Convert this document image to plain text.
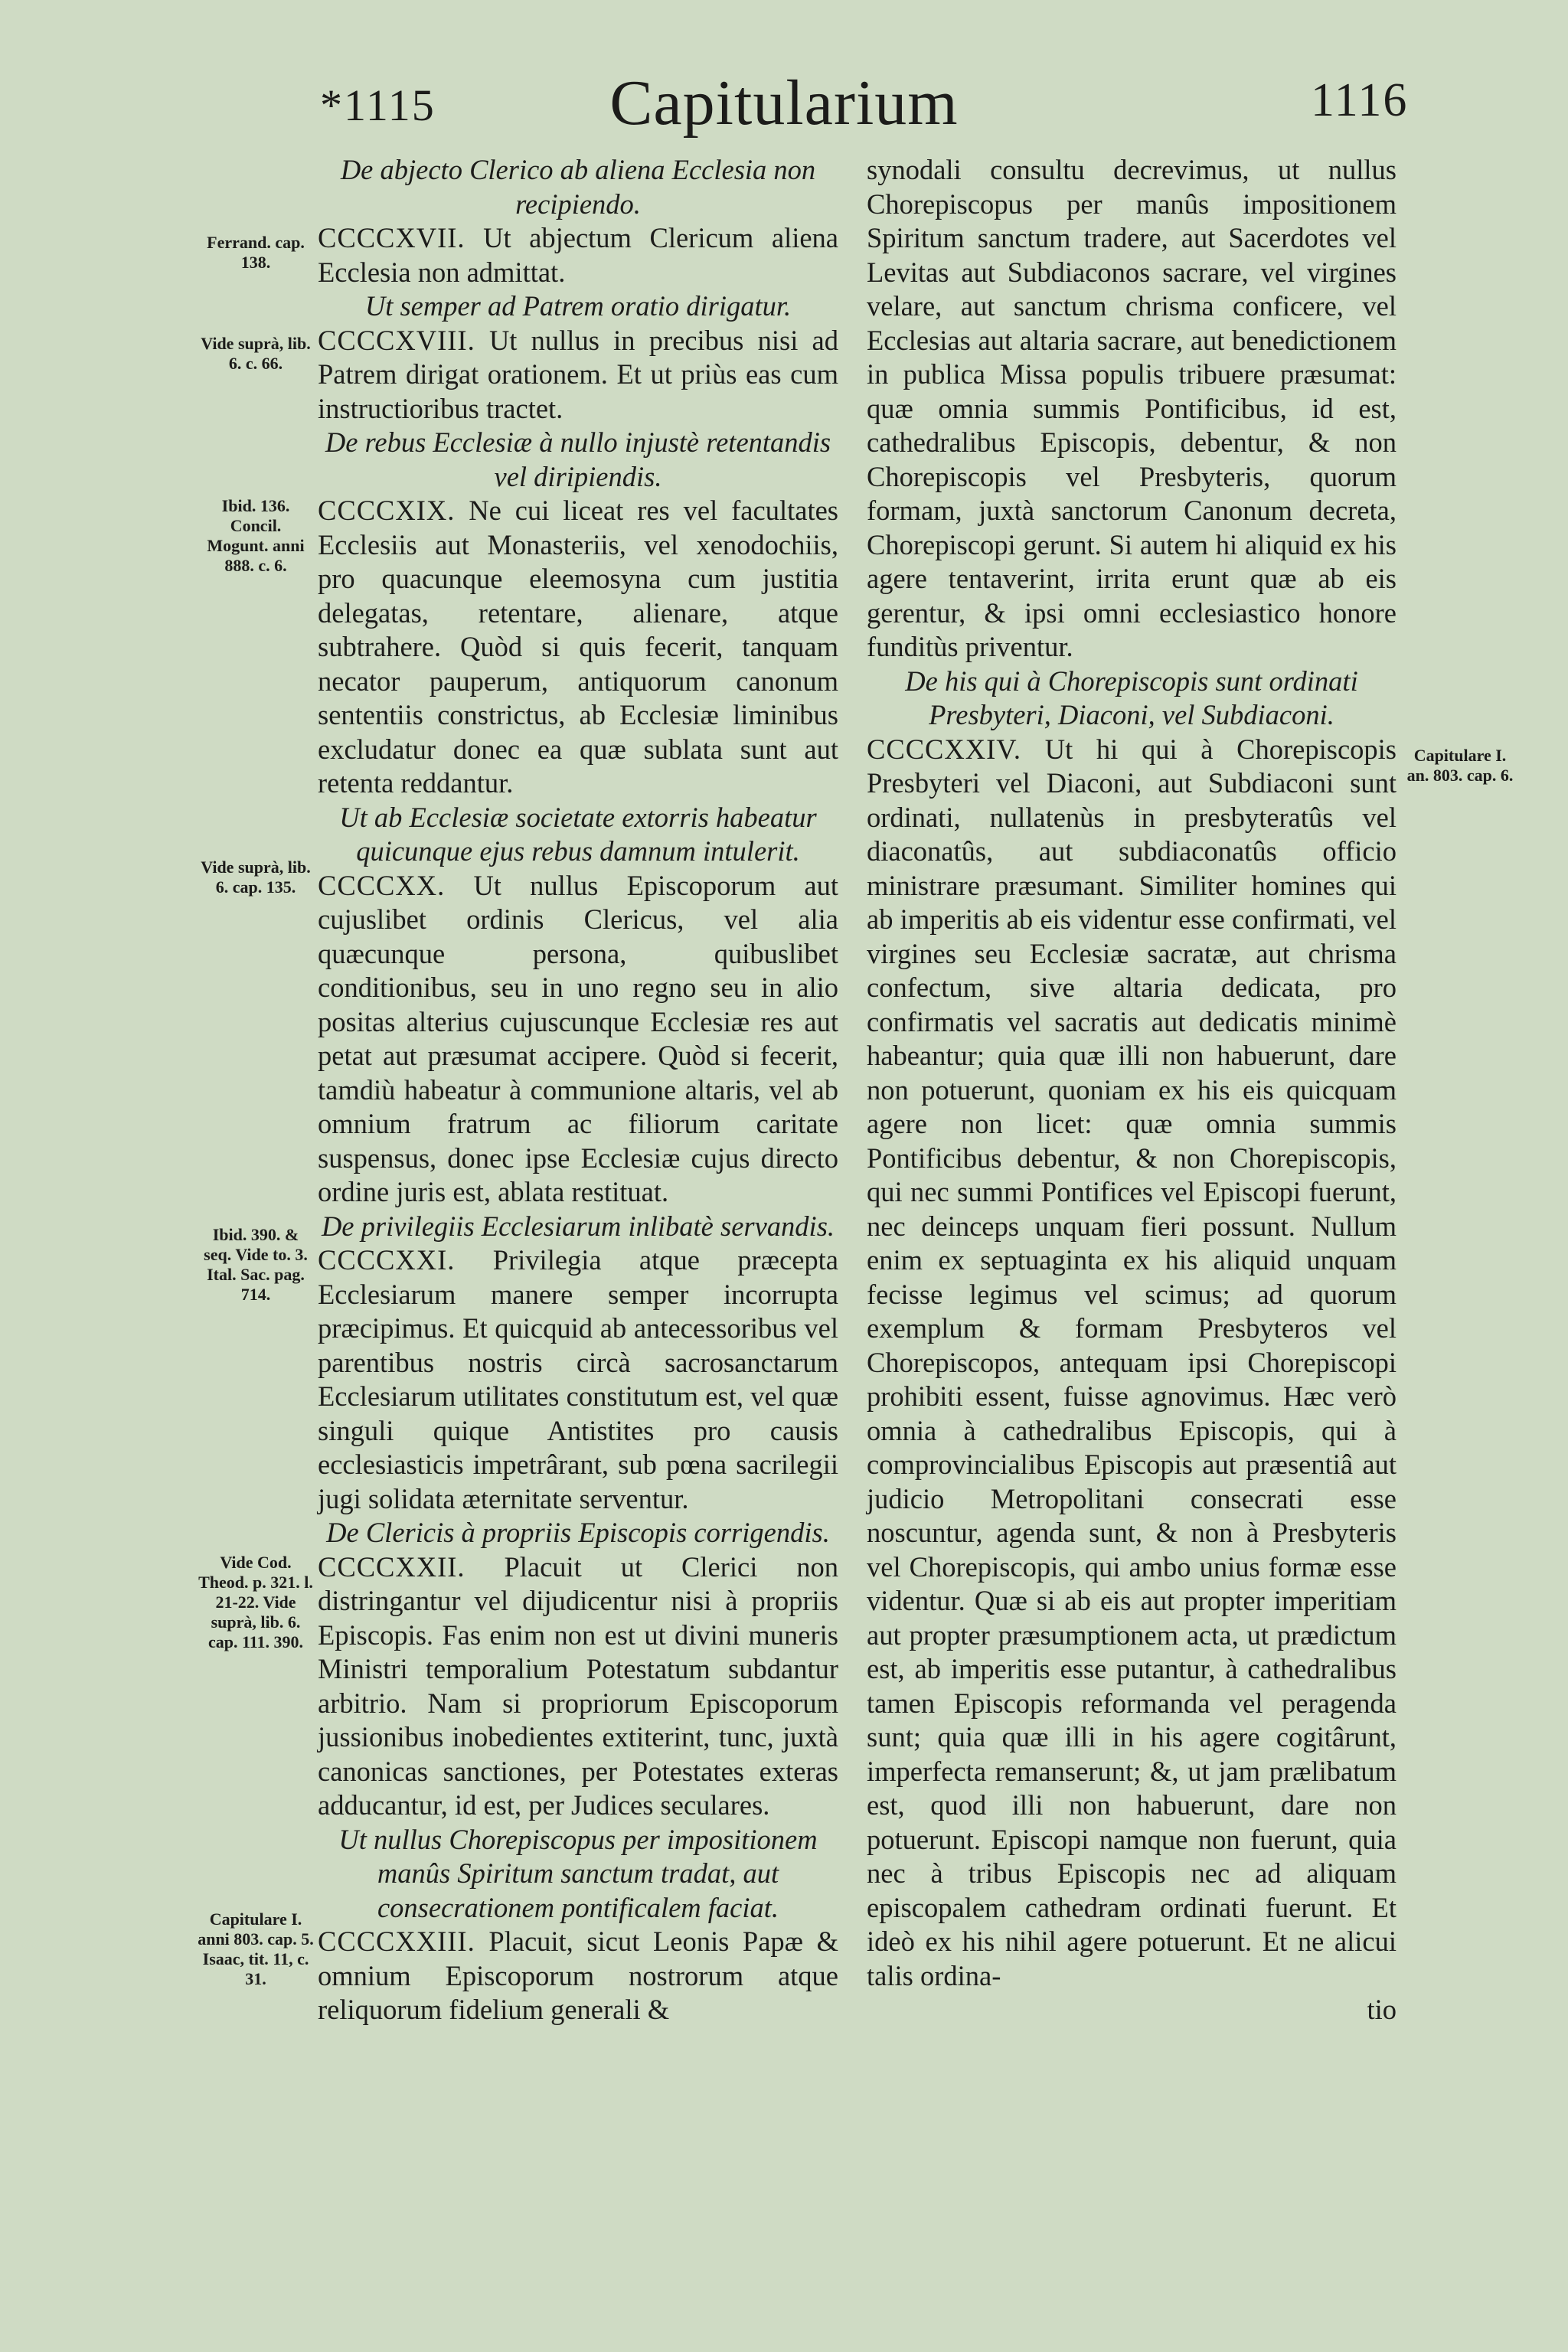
*1115	Capitularium	1116
Ferrand. cap. 138.
Vide suprà, lib. 6. c. 66.
Ibid. 136. Concil. Mogunt. anni 888. c. 6.
Vide suprà, lib. 6. cap. 135.
Ibid. 390. & seq. Vide to. 3. Ital. Sac. pag. 714.
Vide Cod. Theod. p. 321. l. 21-22. Vide suprà, lib. 6. cap. 111. 390.
Capitulare I. anni 803. cap. 5. Isaac, tit. 11, c. 31.
Capitulare I. an. 803. cap. 6.

De abjecto Clerico ab aliena Ecclesia non recipiendo.

CCCCXVII. Ut abjectum Clericum aliena Ecclesia non admittat.

Ut semper ad Patrem oratio dirigatur.

CCCCXVIII. Ut nullus in precibus nisi ad Patrem dirigat orationem. Et ut priùs eas cum instructioribus tractet.

De rebus Ecclesiæ à nullo injustè retentandis vel diripiendis.

CCCCXIX. Ne cui liceat res vel facultates Ecclesiis aut Monasteriis, vel xenodochiis, pro quacunque eleemosyna cum justitia delegatas, retentare, alienare, atque subtrahere. Quòd si quis fecerit, tanquam necator pauperum, antiquorum canonum sententiis constrictus, ab Ecclesiæ liminibus excludatur donec ea quæ sublata sunt aut retenta reddantur.

Ut ab Ecclesiæ societate extorris habeatur quicunque ejus rebus damnum intulerit.

CCCCXX. Ut nullus Episcoporum aut cujuslibet ordinis Clericus, vel alia quæcunque persona, quibuslibet conditionibus, seu in uno regno seu in alio positas alterius cujuscunque Ecclesiæ res aut petat aut præsumat accipere. Quòd si fecerit, tamdiù habeatur à communione altaris, vel ab omnium fratrum ac filiorum caritate suspensus, donec ipse Ecclesiæ cujus directo ordine juris est, ablata restituat.

De privilegiis Ecclesiarum inlibatè servandis.

CCCCXXI. Privilegia atque præcepta Ecclesiarum manere semper incorrupta præcipimus. Et quicquid ab antecessoribus vel parentibus nostris circà sacrosanctarum Ecclesiarum utilitates constitutum est, vel quæ singuli quique Antistites pro causis ecclesiasticis impetrârant, sub pœna sacrilegii jugi solidata æternitate serventur.

De Clericis à propriis Episcopis corrigendis.

CCCCXXII. Placuit ut Clerici non distringantur vel dijudicentur nisi à propriis Episcopis. Fas enim non est ut divini muneris Ministri temporalium Potestatum subdantur arbitrio. Nam si propriorum Episcoporum jussionibus inobedientes extiterint, tunc, juxtà canonicas sanctiones, per Potestates exteras adducantur, id est, per Judices seculares.

Ut nullus Chorepiscopus per impositionem manûs Spiritum sanctum tradat, aut consecrationem pontificalem faciat.

CCCCXXIII. Placuit, sicut Leonis Papæ & omnium Episcoporum nostrorum atque reliquorum fidelium generali &

synodali consultu decrevimus, ut nullus Chorepiscopus per manûs impositionem Spiritum sanctum tradere, aut Sacerdotes vel Levitas aut Subdiaconos sacrare, vel virgines velare, aut sanctum chrisma conficere, vel Ecclesias aut altaria sacrare, aut benedictionem in publica Missa populis tribuere præsumat: quæ omnia summis Pontificibus, id est, cathedralibus Episcopis, debentur, & non Chorepiscopis vel Presbyteris, quorum formam, juxtà sanctorum Canonum decreta, Chorepiscopi gerunt. Si autem hi aliquid ex his agere tentaverint, irrita erunt quæ ab eis gerentur, & ipsi omni ecclesiastico honore funditùs priventur.

De his qui à Chorepiscopis sunt ordinati Presbyteri, Diaconi, vel Subdiaconi.

CCCCXXIV. Ut hi qui à Chorepiscopis Presbyteri vel Diaconi, aut Subdiaconi sunt ordinati, nullatenùs in presbyteratûs vel diaconatûs, aut subdiaconatûs officio ministrare præsumant. Similiter homines qui ab imperitis ab eis videntur esse confirmati, vel virgines seu Ecclesiæ sacratæ, aut chrisma confectum, sive altaria dedicata, pro confirmatis vel sacratis aut dedicatis minimè habeantur; quia quæ illi non habuerunt, dare non potuerunt, quoniam ex his eis quicquam agere non licet: quæ omnia summis Pontificibus debentur, & non Chorepiscopis, qui nec summi Pontifices vel Episcopi fuerunt, nec deinceps unquam fieri possunt. Nullum enim ex septuaginta ex his aliquid unquam fecisse legimus vel scimus; ad quorum exemplum & formam Presbyteros vel Chorepiscopos, antequam ipsi Chorepiscopi prohibiti essent, fuisse agnovimus. Hæc verò omnia à cathedralibus Episcopis, qui à comprovincialibus Episcopis aut præsentiâ aut judicio Metropolitani consecrati esse noscuntur, agenda sunt, & non à Presbyteris vel Chorepiscopis, qui ambo unius formæ esse videntur. Quæ si ab eis aut propter imperitiam aut propter præsumptionem acta, ut prædictum est, ab imperitis esse putantur, à cathedralibus tamen Episcopis reformanda vel peragenda sunt; quia quæ illi in his agere cogitârunt, imperfecta remanserunt; &, ut jam prælibatum est, quod illi non habuerunt, dare non potuerunt. Episcopi namque non fuerunt, quia nec à tribus Episcopis nec ad aliquam episcopalem cathedram ordinati fuerunt. Et ideò ex his nihil agere potuerunt. Et ne alicui talis ordina-

tio
